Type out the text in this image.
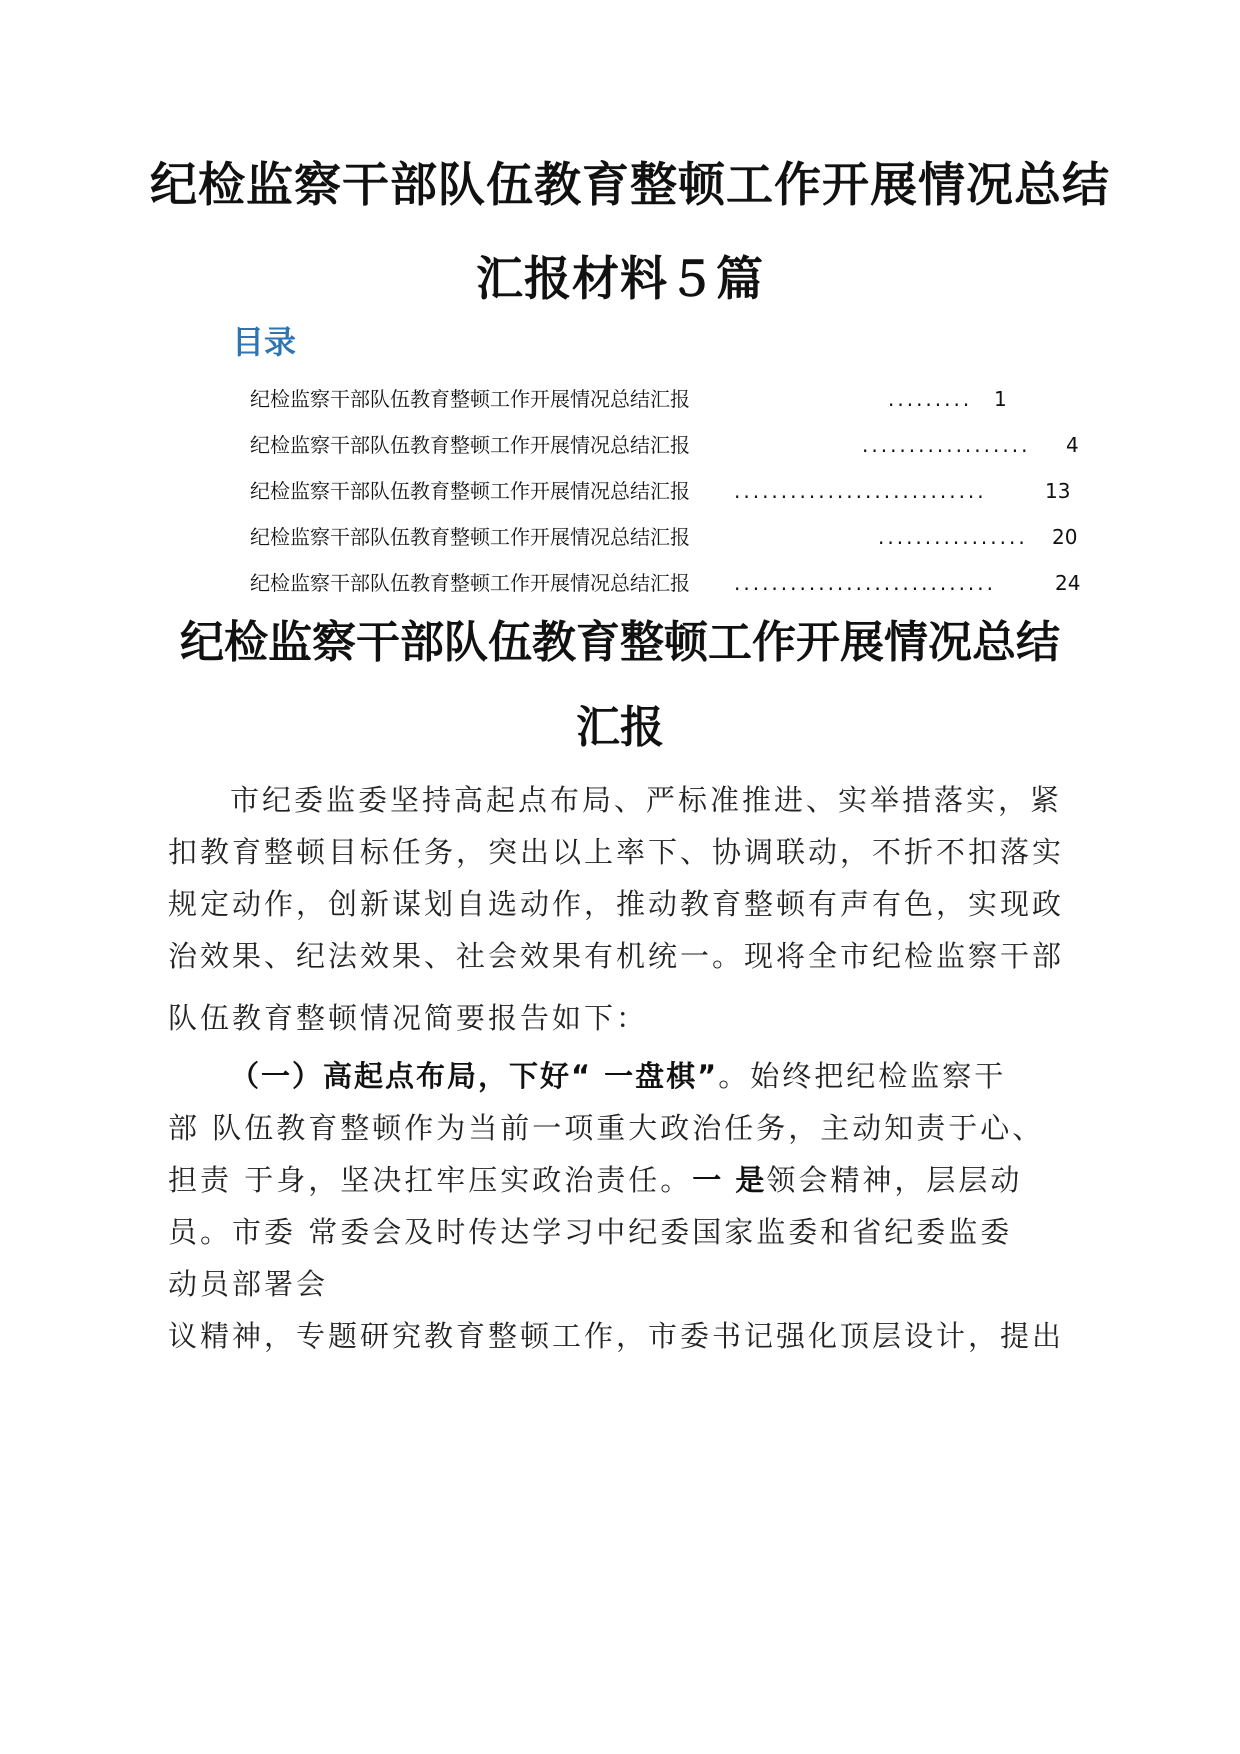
纪检监察干部队伍教育整顿工作开展情况总结
汇报材料５篇
目录
纪检监察干部队伍教育整顿工作开展情况总结汇报	......... 1
纪检监察干部队伍教育整顿工作开展情况总结汇报	.................. 4
纪检监察干部队伍教育整顿工作开展情况总结汇报 ...........................	13
纪检监察干部队伍教育整顿工作开展情况总结汇报	................ 20
纪检监察干部队伍教育整顿工作开展情况总结汇报 ............................	24
纪检监察干部队伍教育整顿工作开展情况总结
汇报
市纪委监委坚持高起点布局、严标准推进、实举措落实，紧
扣教育整顿目标任务，突出以上率下、协调联动，不折不扣落实
规定动作，创新谋划自选动作，推动教育整顿有声有色，实现政
治效果、纪法效果、社会效果有机统一。现将全市纪检监察干部
队伍教育整顿情况简要报告如下：
（一）高起点布局，下好“ 一盘棋”。始终把纪检监察干
部 队伍教育整顿作为当前一项重大政治任务，主动知责于心、
担责 于身，坚决扛牢压实政治责任。一 是领会精神，层层动
员。市委 常委会及时传达学习中纪委国家监委和省纪委监委
动员部署会
议精神，专题研究教育整顿工作，市委书记强化顶层设计，提出
